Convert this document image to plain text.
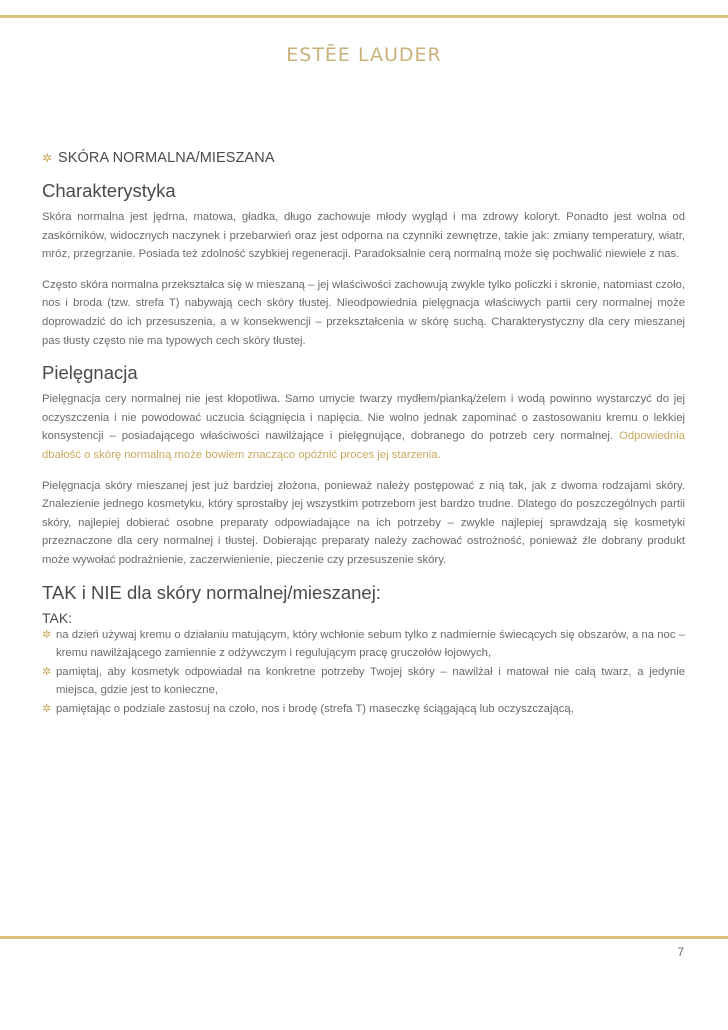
ESTĒE LAUDER
✲ SKÓRA NORMALNA/MIESZANA
Charakterystyka

Skóra normalna jest jędrna, matowa, gładka, długo zachowuje młody wygląd i ma zdrowy koloryt. Ponadto jest wolna od zaskórników, widocznych naczynek i przebarwień oraz jest odporna na czynniki zewnętrze, takie jak: zmiany temperatury, wiatr, mróz, przegrzanie. Posiada też zdolność szybkiej regeneracji. Paradoksalnie cerą normalną może się pochwalić niewiele z nas.

Często skóra normalna przekształca się w mieszaną – jej właściwości zachowują zwykle tylko policzki i skronie, natomiast czoło, nos i broda (tzw. strefa T) nabywają cech skóry tłustej. Nieodpowiednia pielęgnacja właściwych partii cery normalnej może doprowadzić do ich przesuszenia, a w konsekwencji – przekształcenia w skórę suchą. Charakterystyczny dla cery mieszanej pas tłusty często nie ma typowych cech skóry tłustej.

Pielęgnacja

Pielęgnacja cery normalnej nie jest kłopotliwa. Samo umycie twarzy mydłem/pianką/żelem i wodą powinno wystarczyć do jej oczyszczenia i nie powodować uczucia ściągnięcia i napięcia. Nie wolno jednak zapominać o zastosowaniu kremu o lekkiej konsystencji – posiadającego właściwości nawilżające i pielęgnujące, dobranego do potrzeb cery normalnej. Odpowiednia dbałość o skórę normalną może bowiem znacząco opóźnić proces jej starzenia.

Pielęgnacja skóry mieszanej jest już bardziej złożona, ponieważ należy postępować z nią tak, jak z dwoma rodzajami skóry. Znalezienie jednego kosmetyku, który sprostałby jej wszystkim potrzebom jest bardzo trudne. Dlatego do poszczególnych partii skóry, najlepiej dobierać osobne preparaty odpowiadające na ich potrzeby – zwykle najlepiej sprawdzają się kosmetyki przeznaczone dla cery normalnej i tłustej. Dobierając preparaty należy zachować ostrożność, ponieważ źle dobrany produkt może wywołać podrażnienie, zaczerwienienie, pieczenie czy przesuszenie skóry.

TAK i NIE dla skóry normalnej/mieszanej:
TAK:
✲ na dzień używaj kremu o działaniu matującym, który wchłonie sebum tylko z nadmiernie świecących się obszarów, a na noc – kremu nawilżającego zamiennie z odżywczym i regulującym pracę gruczołów łojowych,
✲ pamiętaj, aby kosmetyk odpowiadał na konkretne potrzeby Twojej skóry – nawilżał i matował nie całą twarz, a jedynie miejsca, gdzie jest to konieczne,
✲ pamiętając o podziale zastosuj na czoło, nos i brodę (strefa T) maseczkę ściągającą lub oczyszczającą,
7
